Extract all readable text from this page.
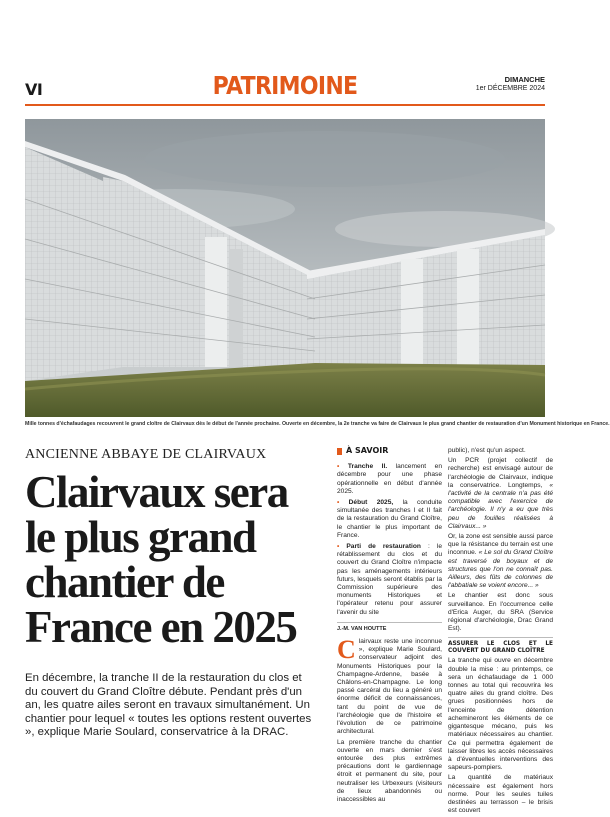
VI	PATRIMOINE	DIMANCHE
1er DÉCEMBRE 2024
Mille tonnes d'échafaudages recouvrent le grand cloître de Clairvaux dès le début de l'année prochaine. Ouverte en décembre, la 2e tranche va faire de Clairvaux le plus grand chantier de restauration d'un Monument historique en France.
ANCIENNE ABBAYE DE CLAIRVAUX
Clairvaux sera le plus grand chantier de France en 2025

En décembre, la tranche II de la restauration du clos et du couvert du Grand Cloître débute. Pendant près d'un an, les quatre ailes seront en travaux simultanément. Un chantier pour lequel « toutes les options restent ouvertes », explique Marie Soulard, conservatrice à la DRAC.

À SAVOIR
• Tranche II. lancement en décembre pour une phase opérationnelle en début d'année 2025.
• Début 2025, la conduite simultanée des tranches I et II fait de la restauration du Grand Cloître, le chantier le plus important de France.
• Parti de restauration : le rétablissement du clos et du couvert du Grand Cloître n'impacte pas les aménagements intérieurs futurs, lesquels seront établis par la Commission supérieure des monuments Historiques et l'opérateur retenu pour assurer l'avenir du site
J.-M. VAN HOUTTE
Clairvaux reste une inconnue », explique Marie Soulard, conservateur adjoint des Monuments Historiques pour la Champagne-Ardenne, basée à Châlons-en-Champagne. Le long passé carcéral du lieu a généré un énorme déficit de connaissances, tant du point de vue de l'archéologie que de l'histoire et l'évolution de ce patrimoine architectural.
La première tranche du chantier ouverte en mars dernier s'est entourée des plus extrêmes précautions dont le gardiennage étroit et permanent du site, pour neutraliser les Urbexeurs (visiteurs de lieux abandonnés ou inaccessibles au
public), n'est qu'un aspect.
Un PCR (projet collectif de recherche) est envisagé autour de l'archéologie de Clairvaux, indique la conservatrice. Longtemps, « l'activité de la centrale n'a pas été compatible avec l'exercice de l'archéologie. Il n'y a eu que très peu de fouilles réalisées à Clairvaux... »
Or, la zone est sensible aussi parce que la résistance du terrain est une inconnue. « Le sol du Grand Cloître est traversé de boyaux et de structures que l'on ne connaît pas. Ailleurs, des fûts de colonnes de l'abbatiale se voient encore... »
Le chantier est donc sous surveillance. En l'occurrence celle d'Erica Auger, du SRA (Service régional d'archéologie, Drac Grand Est).
ASSURER LE CLOS ET LE COUVERT DU GRAND CLOÎTRE
La tranche qui ouvre en décembre double la mise : au printemps, ce sera un échafaudage de 1 000 tonnes au total qui recouvrira les quatre ailes du grand cloître. Des grues positionnées hors de l'enceinte de détention achemineront les éléments de ce gigantesque mécano, puis les matériaux nécessaires au chantier. Ce qui permettra également de laisser libres les accès nécessaires à d'éventuelles interventions des sapeurs-pompiers.
La quantité de matériaux nécessaire est également hors norme. Pour les seules tuiles destinées au terrasson – le brisis est couvert
